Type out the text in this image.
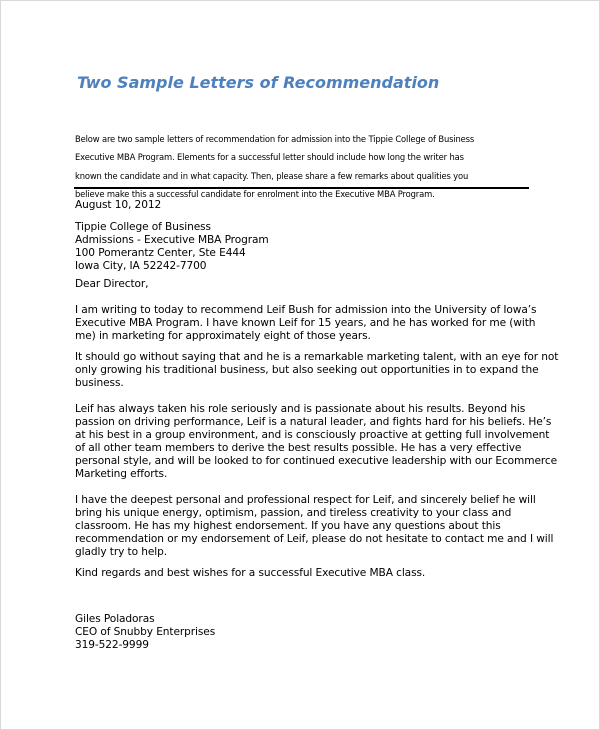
Two Sample Letters of Recommendation
Below are two sample letters of recommendation for admission into the Tippie College of Business
Executive MBA Program. Elements for a successful letter should include how long the writer has
known the candidate and in what capacity. Then, please share a few remarks about qualities you
believe make this a successful candidate for enrolment into the Executive MBA Program.
August 10, 2012
Tippie College of Business
Admissions - Executive MBA Program
100 Pomerantz Center, Ste E444
Iowa City, IA 52242-7700
Dear Director,
I am writing to today to recommend Leif Bush for admission into the University of Iowa’s
Executive MBA Program. I have known Leif for 15 years, and he has worked for me (with
me) in marketing for approximately eight of those years.
It should go without saying that and he is a remarkable marketing talent, with an eye for not
only growing his traditional business, but also seeking out opportunities in to expand the
business.
Leif has always taken his role seriously and is passionate about his results. Beyond his
passion on driving performance, Leif is a natural leader, and fights hard for his beliefs. He’s
at his best in a group environment, and is consciously proactive at getting full involvement
of all other team members to derive the best results possible. He has a very effective
personal style, and will be looked to for continued executive leadership with our Ecommerce
Marketing efforts.
I have the deepest personal and professional respect for Leif, and sincerely belief he will
bring his unique energy, optimism, passion, and tireless creativity to your class and
classroom. He has my highest endorsement. If you have any questions about this
recommendation or my endorsement of Leif, please do not hesitate to contact me and I will
gladly try to help.
Kind regards and best wishes for a successful Executive MBA class.
Giles Poladoras
CEO of Snubby Enterprises
319-522-9999
